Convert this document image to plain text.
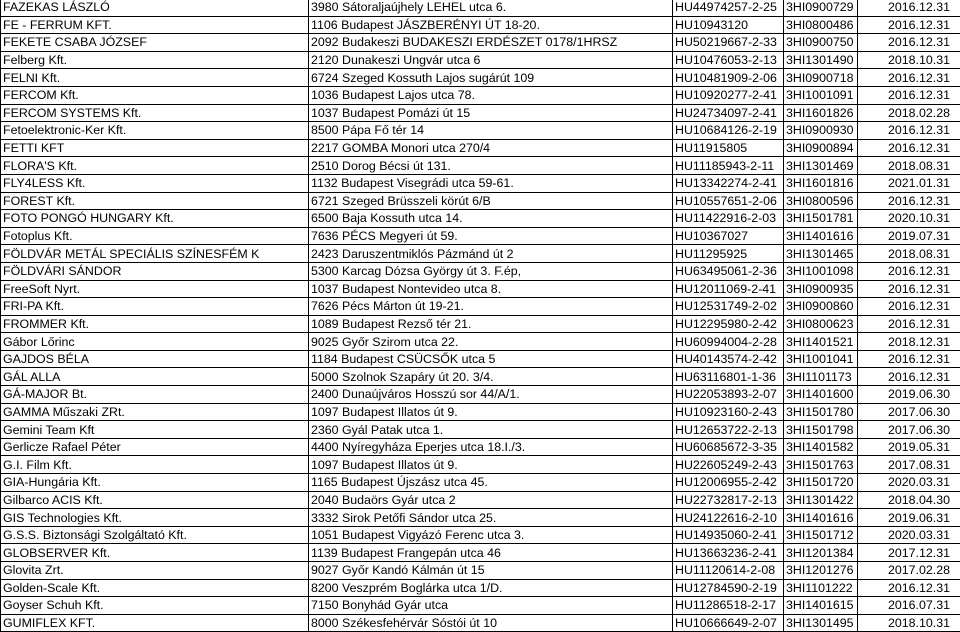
FAZEKAS LÁSZLÓ	3980 Sátoraljaújhely LEHEL utca 6.	HU44974257-2-25	3HI0900729	2016.12.31
FE - FERRUM KFT.	1106 Budapest JÁSZBERÉNYI ÚT 18-20.	HU10943120	3HI0800486	2016.12.31
FEKETE CSABA JÓZSEF	2092 Budakeszi BUDAKESZI ERDÉSZET 0178/1HRSZ	HU50219667-2-33	3HI0900750	2016.12.31
Felberg Kft.	2120 Dunakeszi Ungvár utca 6	HU10476053-2-13	3HI1301490	2018.10.31
FELNI Kft.	6724 Szeged Kossuth Lajos sugárút 109	HU10481909-2-06	3HI0900718	2016.12.31
FERCOM Kft.	1036 Budapest Lajos utca 78.	HU10920277-2-41	3HI1001091	2016.12.31
FERCOM SYSTEMS Kft.	1037 Budapest Pomázi út 15	HU24734097-2-41	3HI1601826	2018.02.28
Fetoelektronic-Ker Kft.	8500 Pápa Fő tér 14	HU10684126-2-19	3HI0900930	2016.12.31
FETTI KFT	2217 GOMBA Monori utca 270/4	HU11915805	3HI0900894	2016.12.31
FLORA'S Kft.	2510 Dorog Bécsi út 131.	HU11185943-2-11	3HI1301469	2018.08.31
FLY4LESS Kft.	1132 Budapest Visegrádi utca 59-61.	HU13342274-2-41	3HI1601816	2021.01.31
FOREST Kft.	6721 Szeged Brüsszeli körút 6/B	HU10557651-2-06	3HI0800596	2016.12.31
FOTO PONGÓ HUNGARY Kft.	6500 Baja Kossuth utca 14.	HU11422916-2-03	3HI1501781	2020.10.31
Fotoplus Kft.	7636 PÉCS Megyeri út 59.	HU10367027	3HI1401616	2019.07.31
FÖLDVÁR METÁL SPECIÁLIS SZÍNESFÉM K	2423 Daruszentmiklós Pázmánd út 2	HU11295925	3HI1301465	2018.08.31
FÖLDVÁRI SÁNDOR	5300 Karcag Dózsa György út 3. F.ép,	HU63495061-2-36	3HI1001098	2016.12.31
FreeSoft Nyrt.	1037 Budapest Nontevideo utca 8.	HU12011069-2-41	3HI0900935	2016.12.31
FRI-PA Kft.	7626 Pécs Márton út 19-21.	HU12531749-2-02	3HI0900860	2016.12.31
FROMMER Kft.	1089 Budapest Rezső tér 21.	HU12295980-2-42	3HI0800623	2016.12.31
Gábor Lőrinc	9025 Győr Szirom utca 22.	HU60994004-2-28	3HI1401521	2018.12.31
GAJDOS BÉLA	1184 Budapest CSÜCSŐK utca 5	HU40143574-2-42	3HI1001041	2016.12.31
GÁL ALLA	5000 Szolnok Szapáry út 20. 3/4.	HU63116801-1-36	3HI1101173	2016.12.31
GÁ-MAJOR Bt.	2400 Dunaújváros Hosszú sor 44/A/1.	HU22053893-2-07	3HI1401600	2019.06.30
GAMMA Műszaki ZRt.	1097 Budapest Illatos út 9.	HU10923160-2-43	3HI1501780	2017.06.30
Gemini Team Kft	2360 Gyál Patak utca 1.	HU12653722-2-13	3HI1501798	2017.06.30
Gerlicze Rafael Péter	4400 Nyíregyháza Eperjes utca 18.I./3.	HU60685672-3-35	3HI1401582	2019.05.31
G.I. Film Kft.	1097 Budapest Illatos út 9.	HU22605249-2-43	3HI1501763	2017.08.31
GIA-Hungária Kft.	1165 Budapest Újszász utca 45.	HU12006955-2-42	3HI1501720	2020.03.31
Gilbarco ACIS Kft.	2040 Budaörs Gyár utca 2	HU22732817-2-13	3HI1301422	2018.04.30
GIS Technologies Kft.	3332 Sirok Petőfi Sándor utca 25.	HU24122616-2-10	3HI1401616	2019.06.31
G.S.S. Biztonsági Szolgáltató Kft.	1051 Budapest Vigyázó Ferenc utca 3.	HU14935060-2-41	3HI1501712	2020.03.31
GLOBSERVER Kft.	1139 Budapest Frangepán utca 46	HU13663236-2-41	3HI1201384	2017.12.31
Glovita Zrt.	9027 Győr Kandó Kálmán út 15	HU11120614-2-08	3HI1201276	2017.02.28
Golden-Scale Kft.	8200 Veszprém Boglárka utca 1/D.	HU12784590-2-19	3HI1101222	2016.12.31
Goyser Schuh Kft.	7150 Bonyhád Gyár utca	HU11286518-2-17	3HI1401615	2016.07.31
GUMIFLEX KFT.	8000 Székesfehérvár Sóstói út 10	HU10666649-2-07	3HI1301495	2018.10.31
